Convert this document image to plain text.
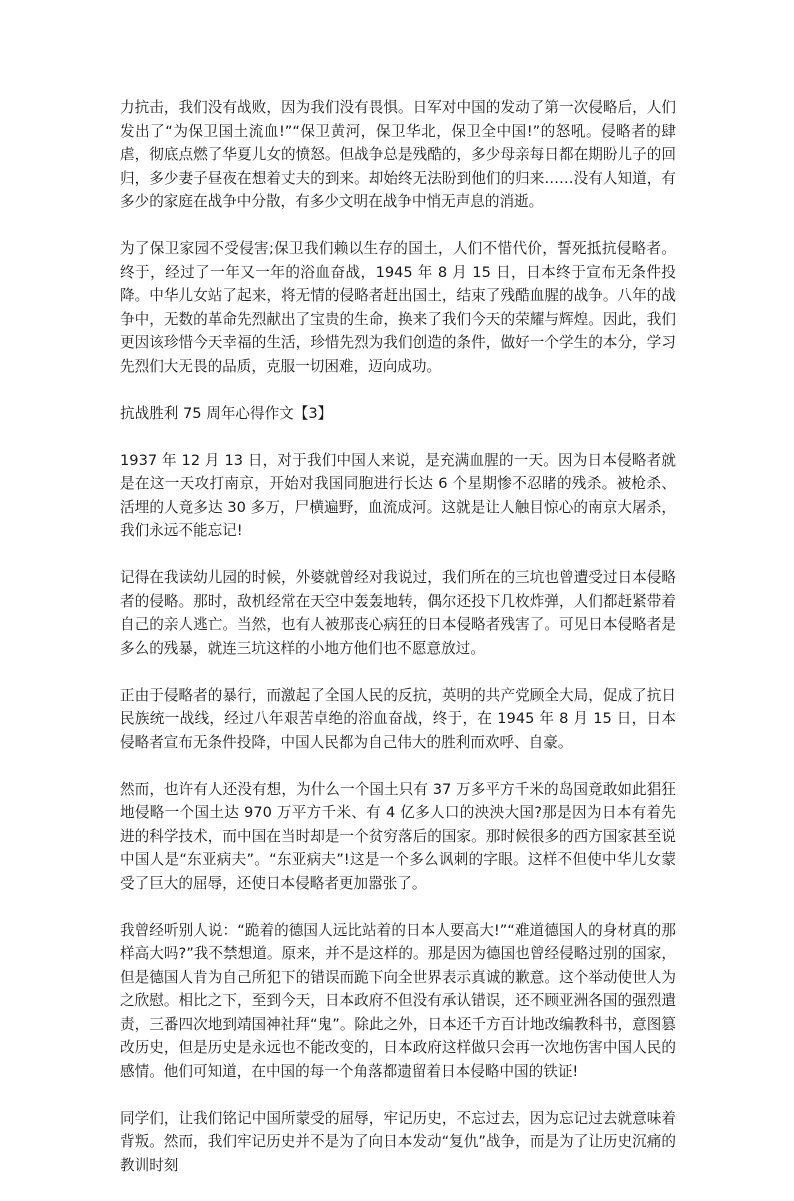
力抗击，我们没有战败，因为我们没有畏惧。日军对中国的发动了第一次侵略后，人们发出了“为保卫国土流血!”“保卫黄河，保卫华北，保卫全中国!”的怒吼。侵略者的肆虐，彻底点燃了华夏儿女的愤怒。但战争总是残酷的，多少母亲每日都在期盼儿子的回归，多少妻子昼夜在想着丈夫的到来。却始终无法盼到他们的归来……没有人知道，有多少的家庭在战争中分散，有多少文明在战争中悄无声息的消逝。

为了保卫家园不受侵害;保卫我们赖以生存的国土，人们不惜代价，誓死抵抗侵略者。终于，经过了一年又一年的浴血奋战，1945 年 8 月 15 日，日本终于宣布无条件投降。中华儿女站了起来，将无情的侵略者赶出国土，结束了残酷血腥的战争。八年的战争中，无数的革命先烈献出了宝贵的生命，换来了我们今天的荣耀与辉煌。因此，我们更因该珍惜今天幸福的生活，珍惜先烈为我们创造的条件，做好一个学生的本分，学习先烈们大无畏的品质，克服一切困难，迈向成功。

抗战胜利 75 周年心得作文【3】

1937 年 12 月 13 日，对于我们中国人来说，是充满血腥的一天。因为日本侵略者就是在这一天攻打南京，开始对我国同胞进行长达 6 个星期惨不忍睹的残杀。被枪杀、活埋的人竟多达 30 多万，尸横遍野，血流成河。这就是让人触目惊心的南京大屠杀，我们永远不能忘记!

记得在我读幼儿园的时候，外婆就曾经对我说过，我们所在的三坑也曾遭受过日本侵略者的侵略。那时，敌机经常在天空中轰轰地转，偶尔还投下几枚炸弹，人们都赶紧带着自己的亲人逃亡。当然，也有人被那丧心病狂的日本侵略者残害了。可见日本侵略者是多么的残暴，就连三坑这样的小地方他们也不愿意放过。

正由于侵略者的暴行，而激起了全国人民的反抗，英明的共产党顾全大局，促成了抗日民族统一战线，经过八年艰苦卓绝的浴血奋战，终于，在 1945 年 8 月 15 日，日本侵略者宣布无条件投降，中国人民都为自己伟大的胜利而欢呼、自豪。

然而，也许有人还没有想，为什么一个国土只有 37 万多平方千米的岛国竟敢如此猖狂地侵略一个国土达 970 万平方千米、有 4 亿多人口的泱泱大国?那是因为日本有着先进的科学技术，而中国在当时却是一个贫穷落后的国家。那时候很多的西方国家甚至说中国人是“东亚病夫”。“东亚病夫”!这是一个多么讽刺的字眼。这样不但使中华儿女蒙受了巨大的屈辱，还使日本侵略者更加嚣张了。

我曾经听别人说：“跪着的德国人远比站着的日本人要高大!”“难道德国人的身材真的那样高大吗?”我不禁想道。原来，并不是这样的。那是因为德国也曾经侵略过别的国家，但是德国人肯为自己所犯下的错误而跪下向全世界表示真诚的歉意。这个举动使世人为之欣慰。相比之下，至到今天，日本政府不但没有承认错误，还不顾亚洲各国的强烈遣责，三番四次地到靖国神社拜“鬼”。除此之外，日本还千方百计地改编教科书，意图篡改历史，但是历史是永远也不能改变的，日本政府这样做只会再一次地伤害中国人民的感情。他们可知道，在中国的每一个角落都遗留着日本侵略中国的铁证!

同学们，让我们铭记中国所蒙受的屈辱，牢记历史，不忘过去，因为忘记过去就意味着背叛。然而，我们牢记历史并不是为了向日本发动“复仇”战争，而是为了让历史沉痛的教训时刻
